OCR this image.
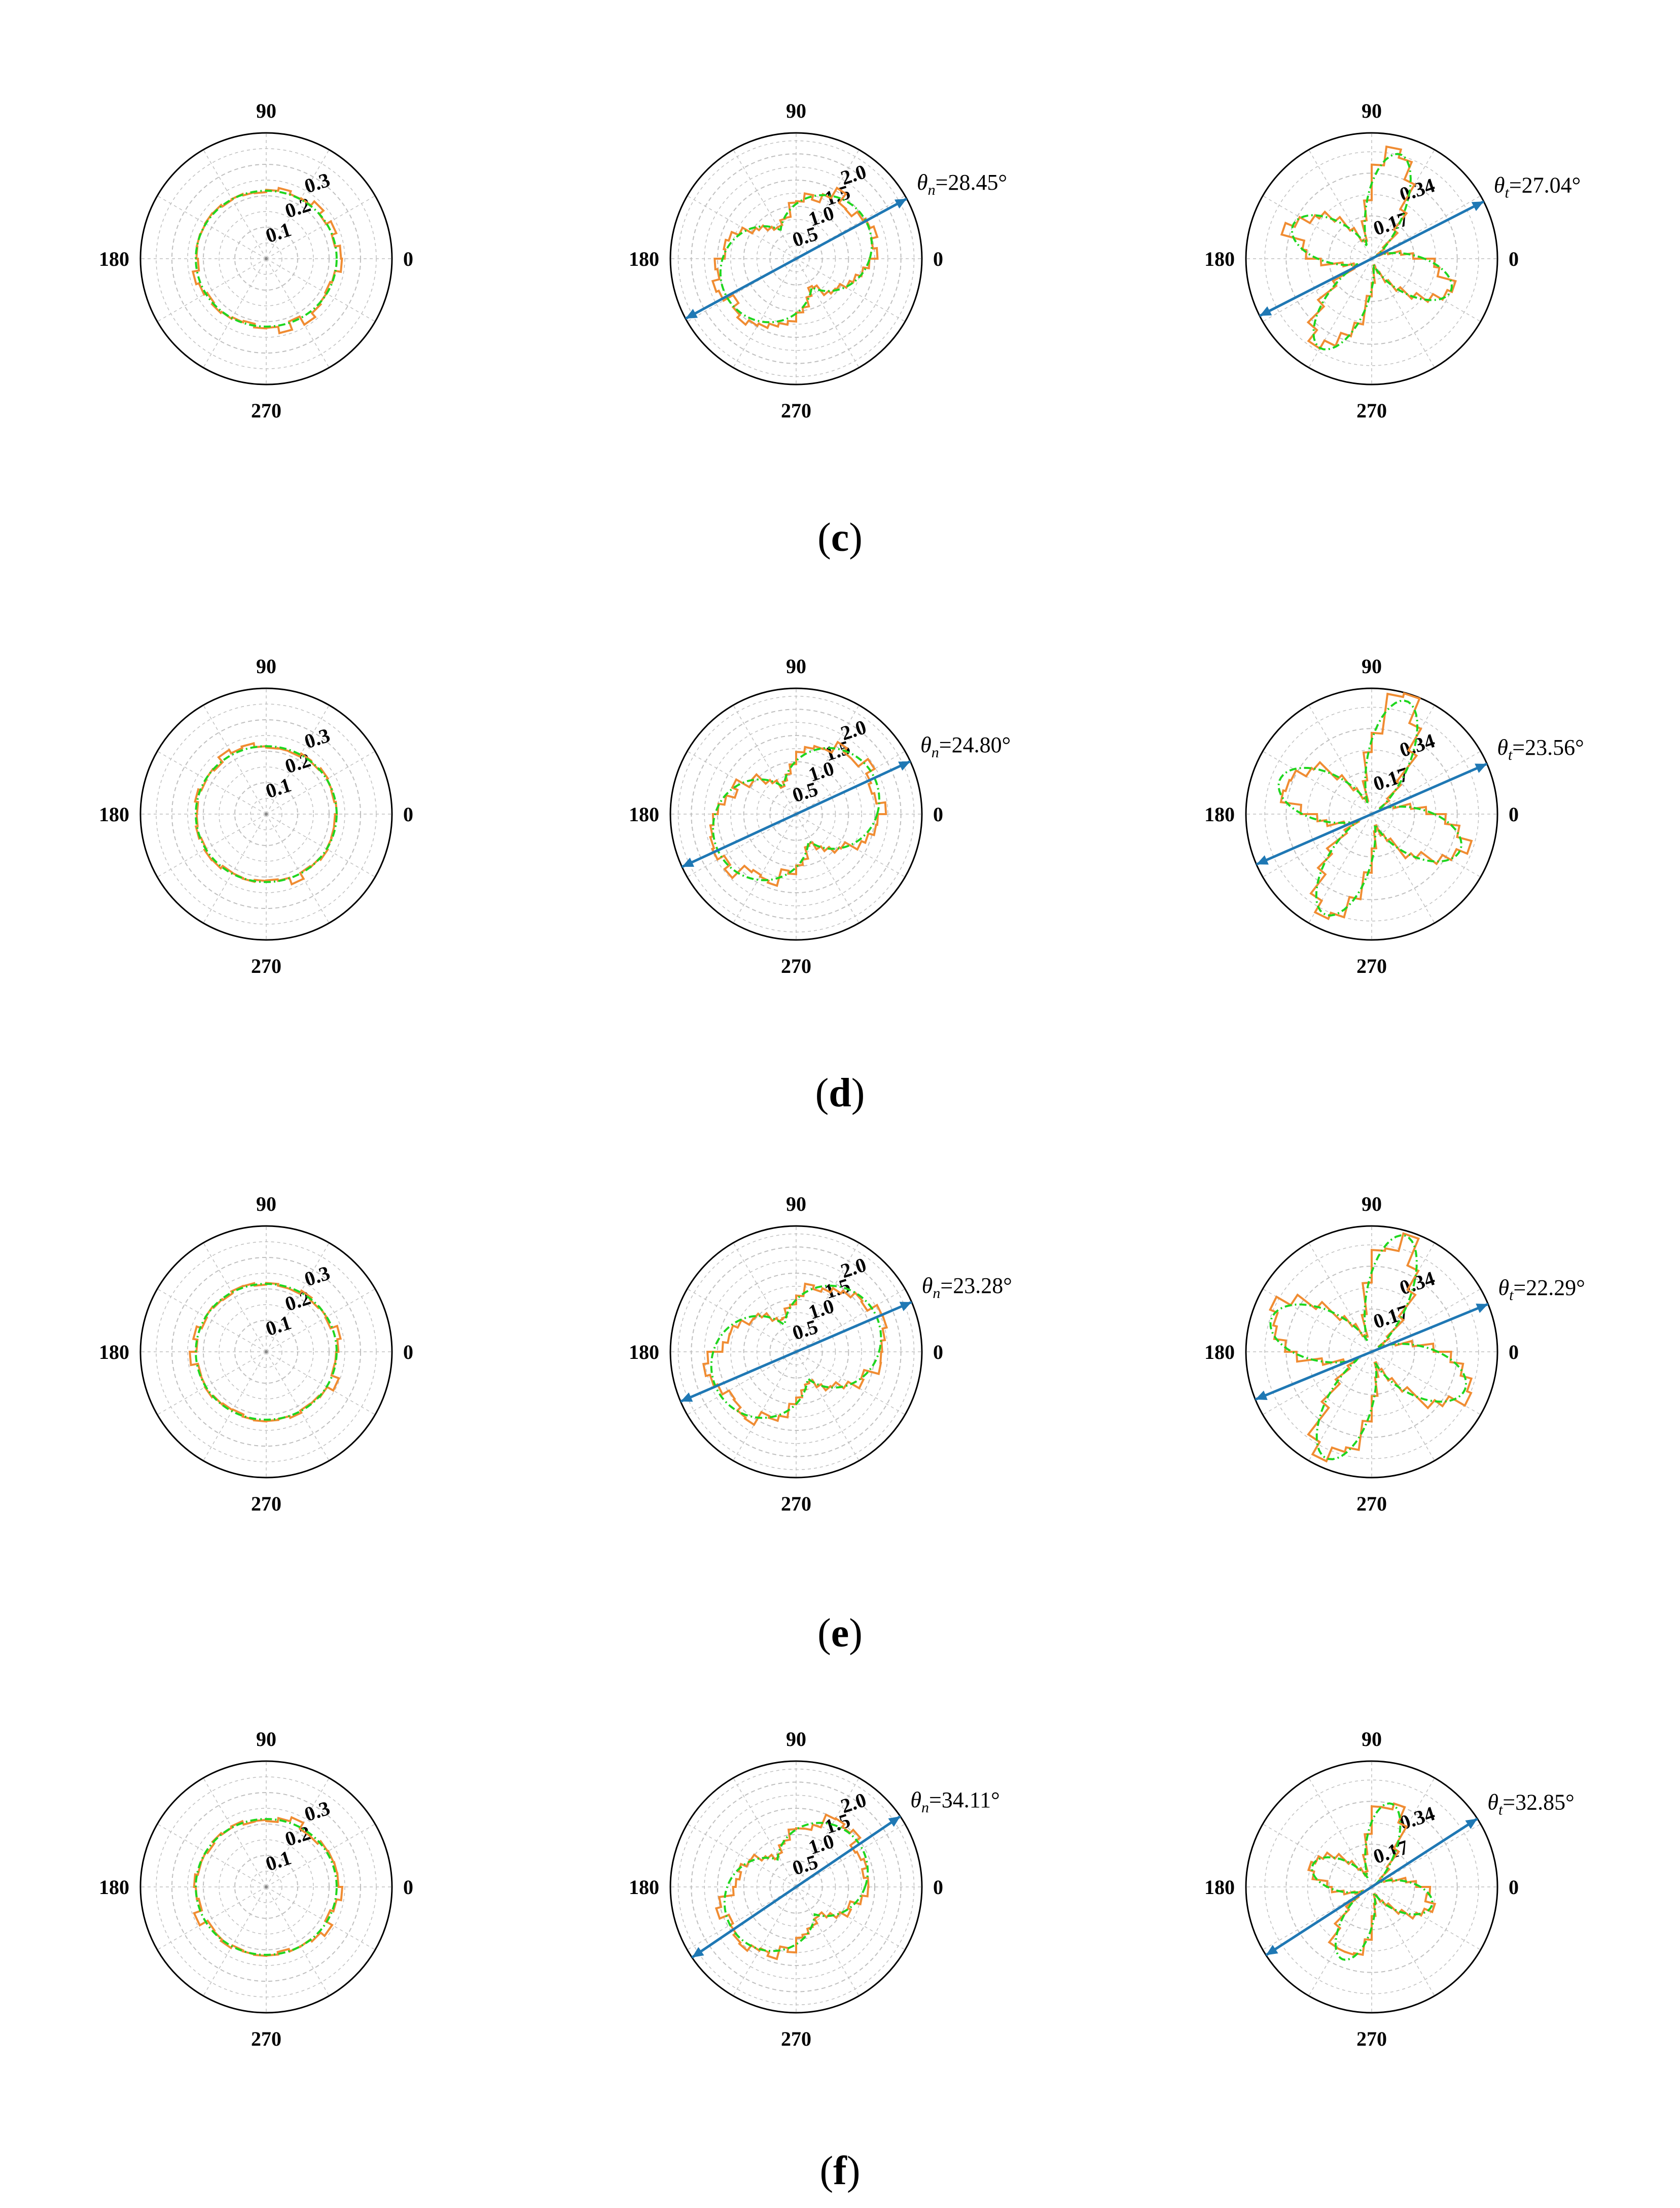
90
180	0
270
0.1
0.2
0.3
90
180	0
270
0.5
1.0
1.5
2.0 $\theta_n=28.45^\circ$
90
180	0
270
0.17
0.34	$\theta_t=27.04^\circ$
90
180	0
270
0.1
0.2
0.3
90
180	0
270
0.5
1.0
1.5
2.0
$\theta_n=24.80^\circ$
90
180	0
270
0.17
0.34	$\theta_t=23.56^\circ$
90
180	0
270
0.1
0.2
0.3
90
180	0
270
0.5
1.0
1.5
2.0
$\theta_n=23.28^\circ$
90
180	0
270
0.17
0.34	$\theta_t=22.29^\circ$
90
180	0
270
0.1
0.2
0.3
90
180	0
270
0.5
1.0
1.5
2.0 $\theta_n=34.11^\circ$
90
180	0
270
0.17
0.34 $\theta_t=32.85^\circ$
(c)
(d)
(e)
(f)
